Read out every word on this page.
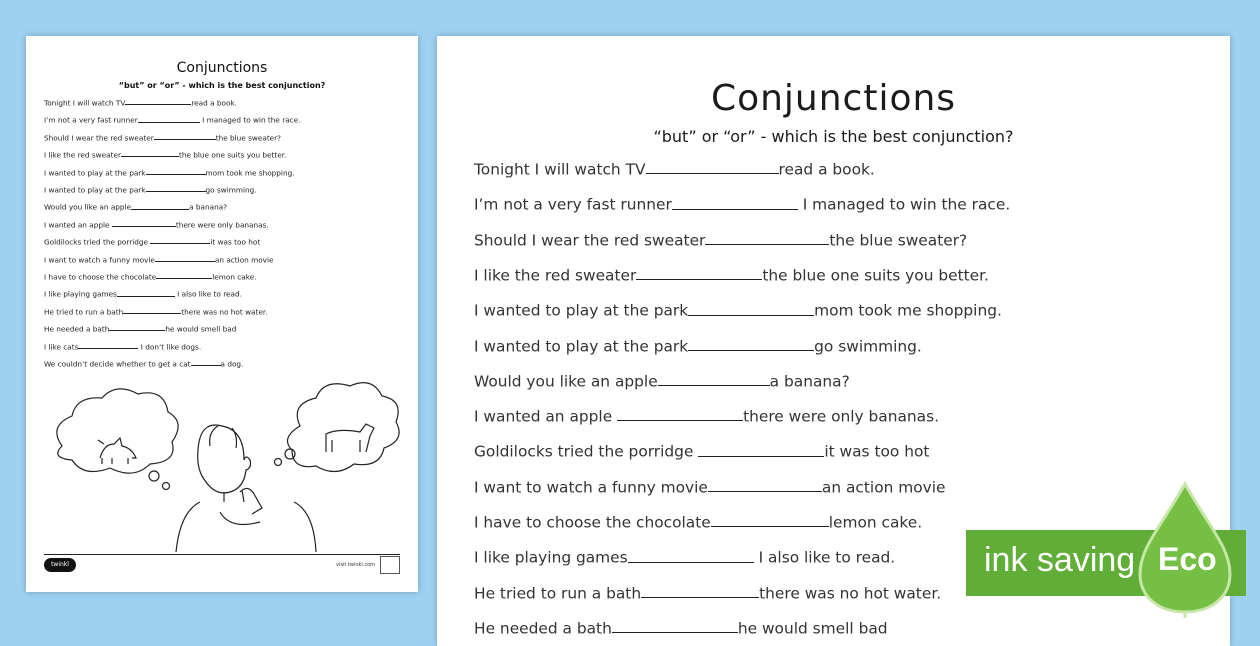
Conjunctions
“but” or “or” - which is the best conjunction?
Tonight I will watch TV	read a book.
I’m not a very fast runner	I managed to win the race.
Should I wear the red sweater	the blue sweater?
I like the red sweater	the blue one suits you better.
I wanted to play at the park	mom took me shopping.
I wanted to play at the park	go swimming.
Would you like an apple	a banana?
I wanted an apple	there were only bananas.
Goldilocks tried the porridge	it was too hot
I want to watch a funny movie	an action movie
I have to choose the chocolate	lemon cake.
I like playing games	I also like to read.
He tried to run a bath	there was no hot water.
He needed a bath	he would smell bad
I like cats	I don’t like dogs.
We couldn’t decide whether to get a cat	a dog.
twinkl	visit twinkl.com
Conjunctions
“but” or “or” - which is the best conjunction?
Tonight I will watch TV	read a book.
I’m not a very fast runner	I managed to win the race.
Should I wear the red sweater	the blue sweater?
I like the red sweater	the blue one suits you better.
I wanted to play at the park	mom took me shopping.
I wanted to play at the park	go swimming.
Would you like an apple	a banana?
I wanted an apple	there were only bananas.
Goldilocks tried the porridge	it was too hot
I want to watch a funny movie	an action movie
I have to choose the chocolate	lemon cake.
I like playing games	I also like to read.
He tried to run a bath	there was no hot water.
He needed a bath	he would smell bad
ink saving Eco
